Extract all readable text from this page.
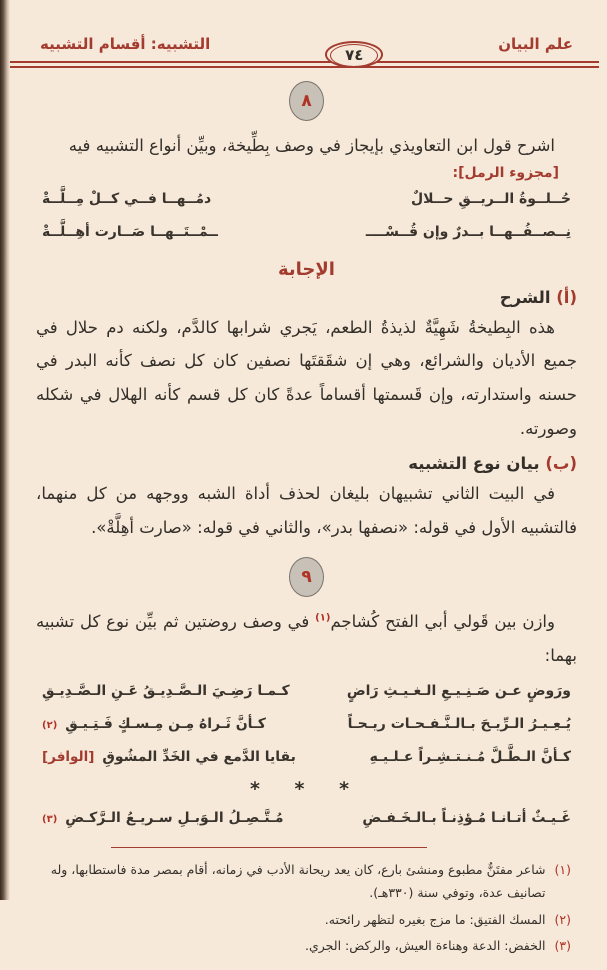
علم البيان
٧٤
التشبيه: أقسام التشبيه
٨

اشرح قول ابن التعاويذي بإيجاز في وصف بِطِّيخة، وبيِّن أنواع التشبيه فيه

[مجزوء الرمل]:
حُــلــوةُ الــريــقِ حــلالٌ
دمُــهــا فــي كــلْ مِــلَّــةْ
نِــصــفُــهــا بــدرٌ وإن قُــسْــــ
ــمْــتَــهــا صَــارت أهِــلَّــةْ
الإجابة
(أ) الشرح

هذه البِطيخةُ شَهِيَّةٌ لذيذةُ الطعم، يَجري شرابها كالدَّم، ولكنه دم حلال في جميع الأديان والشرائع، وهي إن شقَقتَها نصفين كان كل نصف كأنه البدر في حسنه واستدارته، وإن قَسمتها أقساماً عدةً كان كل قسم كأنه الهلال في شكله وصورته.

(ب) بيان نوع التشبيه

في البيت الثاني تشبيهان بليغان لحذف أداة الشبه ووجهه من كل منهما، فالتشبيه الأول في قوله: «نصفها بدر»، والثاني في قوله: «صارت أهِلَّةْ».

٩

وازن بين قَولي أبي الفتح كُشاجم$^{(١)}$ في وصف روضتين ثم بيِّن نوع كل تشبيه بهما:

ورَوضٍ عـن صَـنِـيـعِ الـغـيـثِ رَاضٍ
كـمـا رَضِـيَ الـصَّـدِيـقُ عَـنِ الـصَّـدِيـقِ
يُـعِـيـرُ الـرِّيـحَ بـالـنَّـفـحـات ريـحـاً
كـأنَّ ثَـراهُ مِـن مِـسـكٍ فَـتِـيـقِ
(٢)
كـأنَّ الـطَّـلَّ مُـنـتـشِـراً عـلـيـهِ
بقايا الدَّمع في الخَدِّ المشُوقِ
[الوافر]
* * *
غَـيـثٌ أتـانـا مُـؤذِنـاً بـالـخَـفـضِ
مُـتَّـصِـلُ الـوَبـلِ سـريـعُ الـرَّكـضِ
(٣)
(١)
شاعر مفتَنٌّ مطبوع ومنشئ بارع، كان يعد ريحانة الأدب في زمانه، أقام بمصر مدة فاستطابها، وله تصانيف عدة، وتوفي سنة (٣٣٠هـ).
(٢)
المسك الفتيق: ما مزج بغيره لتظهر رائحته.
(٣)
الخفض: الدعة وهناءة العيش، والركض: الجري.
